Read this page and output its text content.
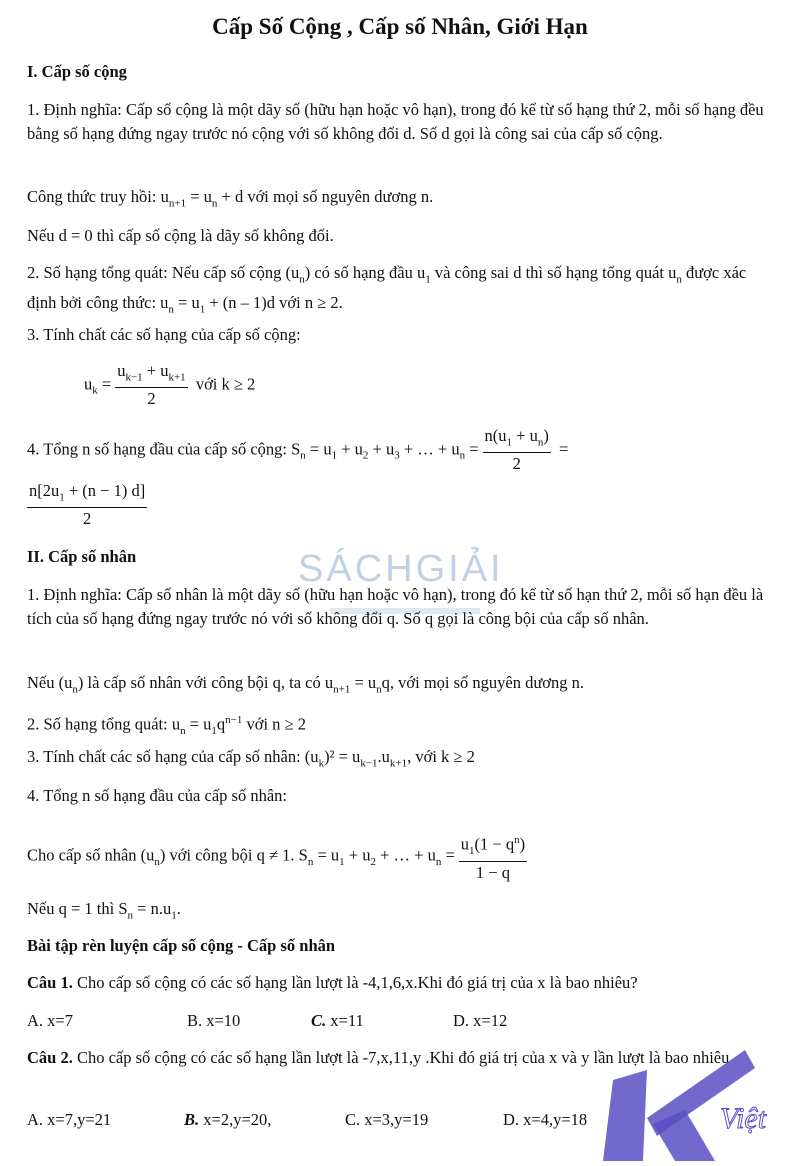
Cấp Số Cộng , Cấp số Nhân, Giới Hạn
I. Cấp số cộng
1. Định nghĩa: Cấp số cộng là một dãy số (hữu hạn hoặc vô hạn), trong đó kể từ số hạng thứ 2, mỗi số hạng đều bằng số hạng đứng ngay trước nó cộng với số không đổi d. Số d gọi là công sai của cấp số cộng.
Công thức truy hồi: $u_{n+1} = u_n + d$ với mọi số nguyên dương n.
Nếu d = 0 thì cấp số cộng là dãy số không đổi.
2. Số hạng tổng quát: Nếu cấp số cộng $(u_n)$ có số hạng đầu $u_1$ và công sai d thì số hạng tổng quát $u_n$ được xác định bởi công thức: $u_n = u_1 + (n - 1)d$ với n ≥ 2.
3. Tính chất các số hạng của cấp số cộng:
$u_k = \frac{u_{k-1} + u_{k+1}}{2}$ với k ≥ 2
4. Tổng n số hạng đầu của cấp số cộng: $S_n = u_1 + u_2 + u_3$ + … + $u_n = \frac{n(u_1 + u_n)}{2}$ =
$\frac{n[2u_1 + (n - 1) d]}{2}$
II. Cấp số nhân	SÁCHGIẢI
1. Định nghĩa: Cấp số nhân là một dãy số (hữu hạn hoặc vô hạn), trong đó kể từ số hạn thứ 2, mỗi số hạn đều là tích của số hạng đứng ngay trước nó với số không đổi q. Số q gọi là công bội của cấp số nhân.
Nếu $(u_n)$ là cấp số nhân với công bội q, ta có $u_{n+1} = u_nq$, với mọi số nguyên dương n.
2. Số hạng tổng quát: $u_n = u_1q^{n-1}$ với n ≥ 2
3. Tính chất các số hạng của cấp số nhân: $(u_k)^2 = u_{k-1}.u_{k+1}$, với k ≥ 2
4. Tổng n số hạng đầu của cấp số nhân:
Cho cấp số nhân $(u_n)$ với công bội q ≠ 1. $S_n = u_1 + u_2$ + … + $u_n = \frac{u_1(1 - q^n)}{1 - q}$
Nếu q = 1 thì $S_n = n.u_1$.
Bài tập rèn luyện cấp số cộng - Cấp số nhân
Câu 1. Cho cấp số cộng có các số hạng lần lượt là -4,1,6,x.Khi đó giá trị của x là bao nhiêu?
A. x=7	B. x=10	C. x=11	D. x=12
Câu 2. Cho cấp số cộng có các số hạng lần lượt là -7,x,11,y .Khi đó giá trị của x và y lần lượt là bao nhiêu
A. x=7,y=21	B. x=2,y=20,	C. x=3,y=19	D. x=4,y=18	Việt
